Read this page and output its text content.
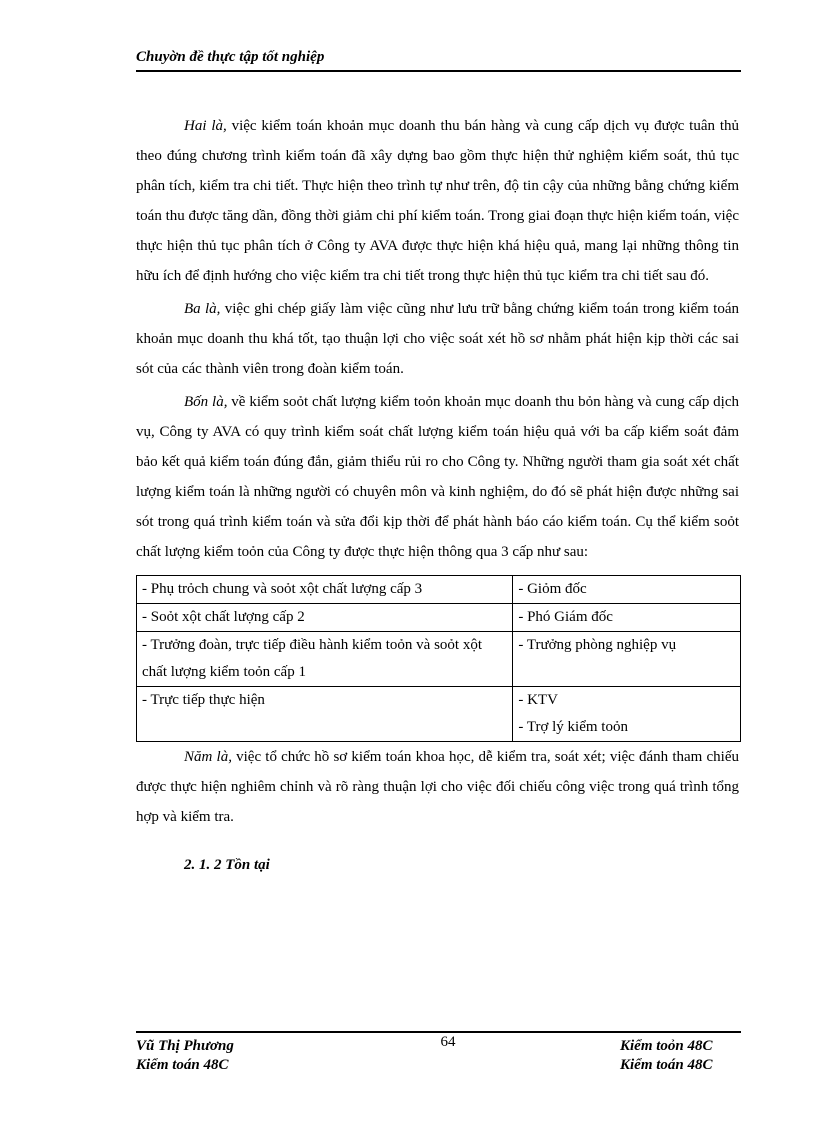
Chuyờn đề thực tập tốt nghiệp

Hai là, việc kiểm toán khoản mục doanh thu bán hàng và cung cấp dịch vụ được tuân thủ theo đúng chương trình kiểm toán đã xây dựng bao gồm thực hiện thử nghiệm kiểm soát, thủ tục phân tích, kiểm tra chi tiết. Thực hiện theo trình tự như trên, độ tin cậy của những bằng chứng kiểm toán thu được tăng dần, đồng thời giảm chi phí kiểm toán. Trong giai đoạn thực hiện kiểm toán, việc thực hiện thủ tục phân tích ở Công ty AVA được thực hiện khá hiệu quả, mang lại những thông tin hữu ích để định hướng cho việc kiểm tra chi tiết trong thực hiện thủ tục kiểm tra chi tiết sau đó.

Ba là, việc ghi chép giấy làm việc cũng như lưu trữ bằng chứng kiểm toán trong kiểm toán khoản mục doanh thu khá tốt, tạo thuận lợi cho việc soát xét hồ sơ nhằm phát hiện kịp thời các sai sót của các thành viên trong đoàn kiểm toán.

Bốn là, về kiểm soỏt chất lượng kiểm toỏn khoản mục doanh thu bỏn hàng và cung cấp dịch vụ, Công ty AVA có quy trình kiểm soát chất lượng kiểm toán hiệu quả với ba cấp kiểm soát đảm bảo kết quả kiểm toán đúng đắn, giảm thiểu rủi ro cho Công ty. Những người tham gia soát xét chất lượng kiểm toán là những người có chuyên môn và kinh nghiệm, do đó sẽ phát hiện được những sai sót trong quá trình kiểm toán và sửa đổi kịp thời để phát hành báo cáo kiểm toán. Cụ thể kiểm soỏt chất lượng kiểm toỏn của Công ty được thực hiện thông qua 3 cấp như sau:

- Phụ trỏch chung và soỏt xột chất lượng cấp 3	- Giỏm đốc
- Soỏt xột chất lượng cấp 2	- Phó Giám đốc
- Trưởng đoàn, trực tiếp điều hành kiểm toỏn và soỏt xột chất lượng kiểm toỏn cấp 1	- Trưởng phòng nghiệp vụ
- Trực tiếp thực hiện	- KTV
- Trợ lý kiểm toỏn

Năm là, việc tổ chức hồ sơ kiểm toán khoa học, dễ kiểm tra, soát xét; việc đánh tham chiếu được thực hiện nghiêm chỉnh và rõ ràng thuận lợi cho việc đối chiếu công việc trong quá trình tổng hợp và kiểm tra.

2. 1. 2 Tồn tại
Vũ Thị Phương
Kiểm toán 48C
64	Kiểm toỏn 48C
Kiểm toán 48C
